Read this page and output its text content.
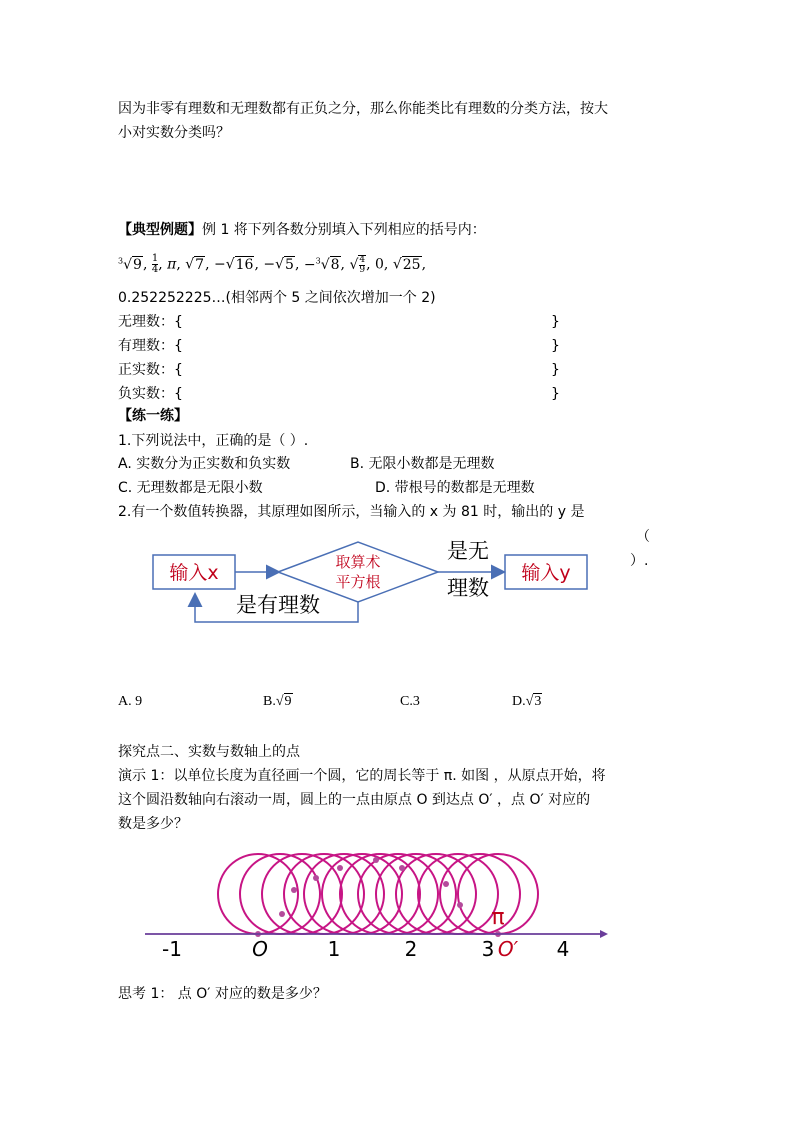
因为非零有理数和无理数都有正负之分，那么你能类比有理数的分类方法，按大
小对实数分类吗？
【典型例题】例 1 将下列各数分别填入下列相应的括号内：
$^3$√9, $\frac{1}{4}$ , π, √7, −√16, −√5, −$^3$√8, √ $\frac{4}{9}$ , 0, √25,
0.252252225…(相邻两个 5 之间依次增加一个 2)
无理数：{	}
有理数：{	}
正实数：{	}
负实数：{	}
【练一练】
1.下列说法中，正确的是（ ）.
A. 实数分为正实数和负实数	B. 无限小数都是无理数
C. 无理数都是无限小数	D. 带根号的数都是无理数
2.有一个数值转换器，其原理如图所示，当输入的 x 为 81 时，输出的 y 是
（
）.
输入x	取算术
平方根
是无
理数
输入y
是有理数
A. 9	B.√9	C.3	D.√3
探究点二、实数与数轴上的点
演示 1：以单位长度为直径画一个圆，它的周长等于 π. 如图 ，从原点开始，将
这个圆沿数轴向右滚动一周，圆上的一点由原点 O 到达点 O′ ，点 O′ 对应的
数是多少？
-1	O	1	2	3 O′ 4
π
思考 1： 点 O′ 对应的数是多少？
